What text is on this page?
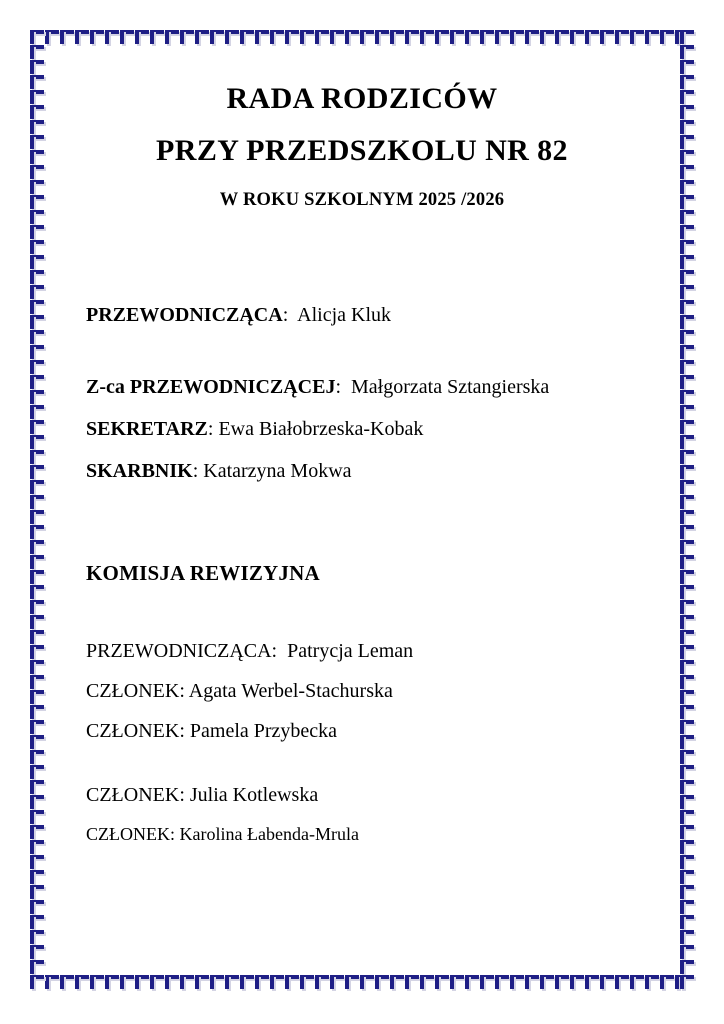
RADA RODZICÓW
PRZY PRZEDSZKOLU NR 82
W ROKU SZKOLNYM 2025 /2026
PRZEWODNICZĄCA: Alicja Kluk
Z-ca PRZEWODNICZĄCEJ: Małgorzata Sztangierska
SEKRETARZ: Ewa Białobrzeska-Kobak
SKARBNIK: Katarzyna Mokwa
KOMISJA REWIZYJNA
PRZEWODNICZĄCA: Patrycja Leman
CZŁONEK: Agata Werbel-Stachurska
CZŁONEK: Pamela Przybecka
CZŁONEK: Julia Kotlewska
CZŁONEK: Karolina Łabenda-Mrula
